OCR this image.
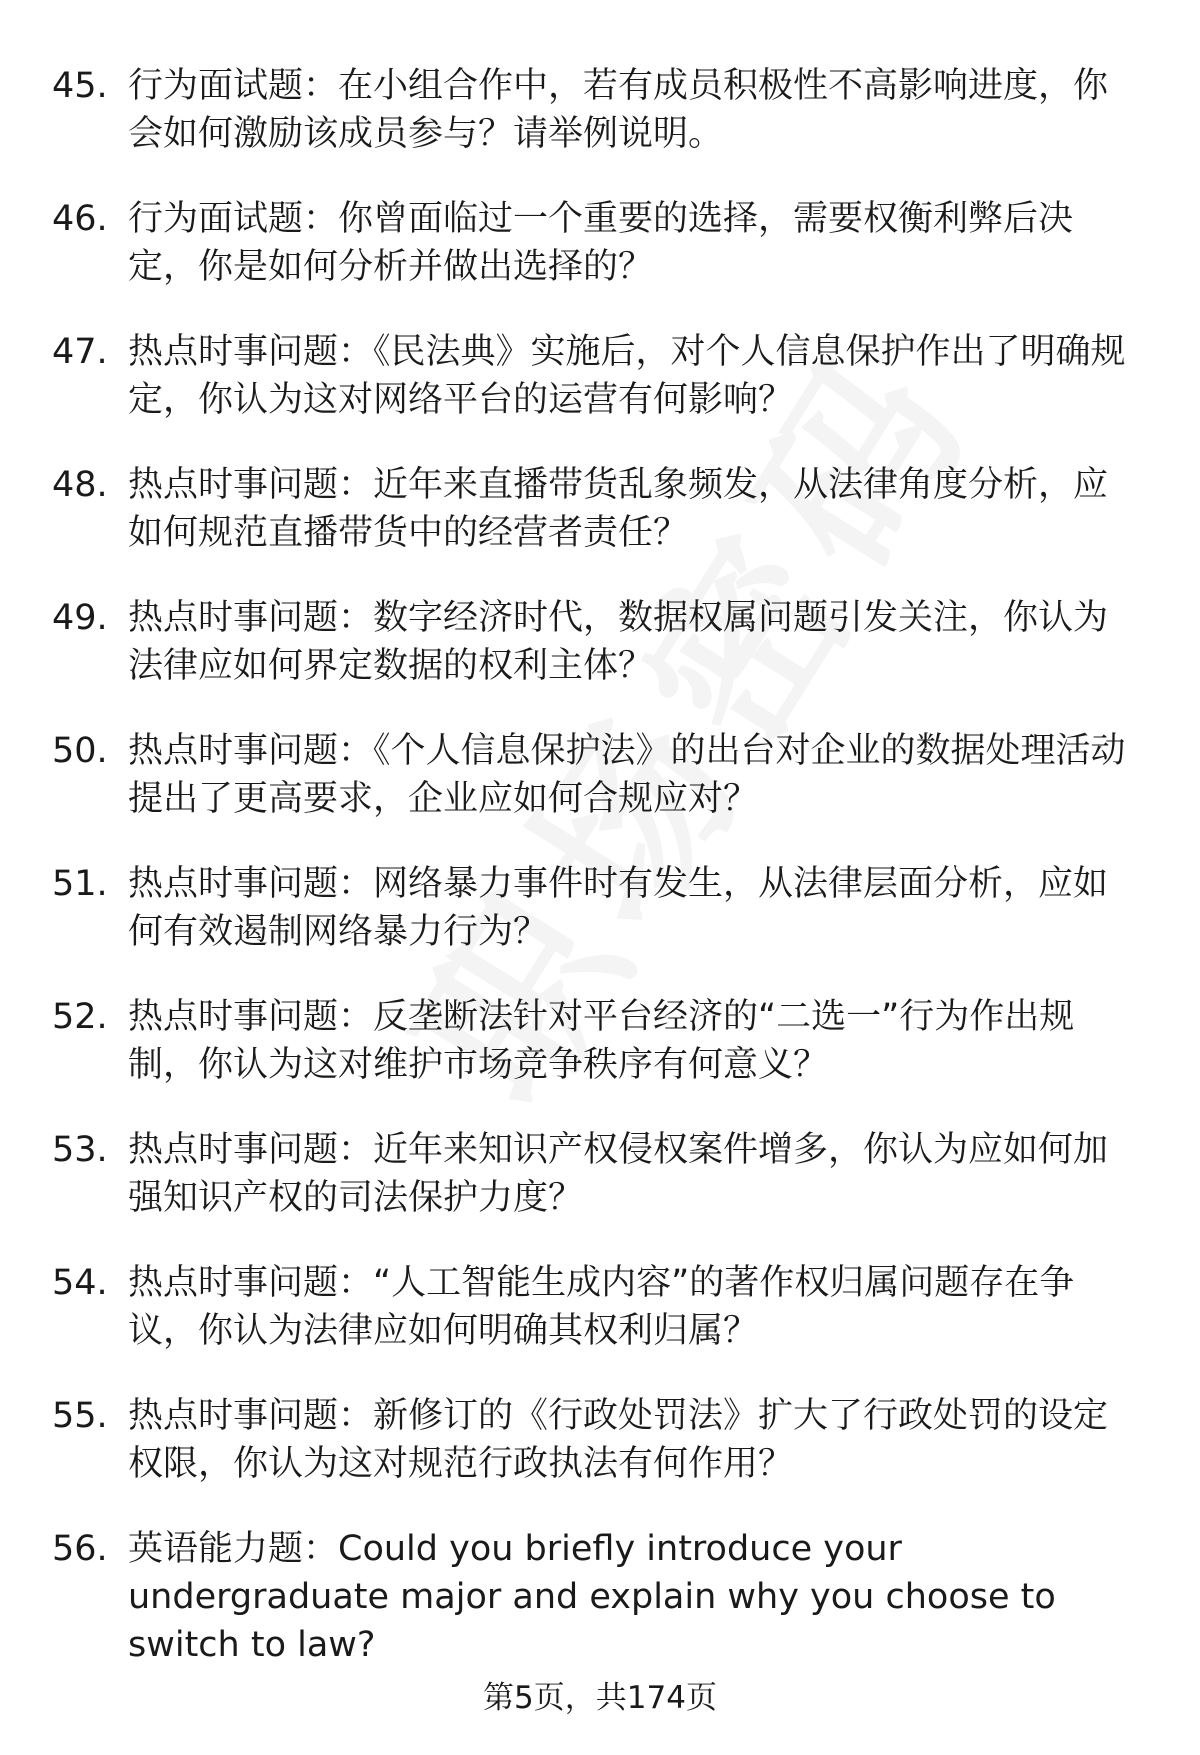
45. 行为面试题：在小组合作中，若有成员积极性不高影响进度，你会如何激励该成员参与？请举例说明。
46. 行为面试题：你曾面临过一个重要的选择，需要权衡利弊后决定，你是如何分析并做出选择的？
47. 热点时事问题：《民法典》实施后，对个人信息保护作出了明确规定，你认为这对网络平台的运营有何影响？
48. 热点时事问题：近年来直播带货乱象频发，从法律角度分析，应如何规范直播带货中的经营者责任？
49. 热点时事问题：数字经济时代，数据权属问题引发关注，你认为法律应如何界定数据的权利主体？
50. 热点时事问题：《个人信息保护法》的出台对企业的数据处理活动提出了更高要求，企业应如何合规应对？
51. 热点时事问题：网络暴力事件时有发生，从法律层面分析，应如何有效遏制网络暴力行为？
52. 热点时事问题：反垄断法针对平台经济的“二选一”行为作出规制，你认为这对维护市场竞争秩序有何意义？
53. 热点时事问题：近年来知识产权侵权案件增多，你认为应如何加强知识产权的司法保护力度？
54. 热点时事问题：“人工智能生成内容”的著作权归属问题存在争议，你认为法律应如何明确其权利归属？
55. 热点时事问题：新修订的《行政处罚法》扩大了行政处罚的设定权限，你认为这对规范行政执法有何作用？
56. 英语能力题：Could you briefly introduce your undergraduate major and explain why you choose to switch to law?
第5页，共174页
